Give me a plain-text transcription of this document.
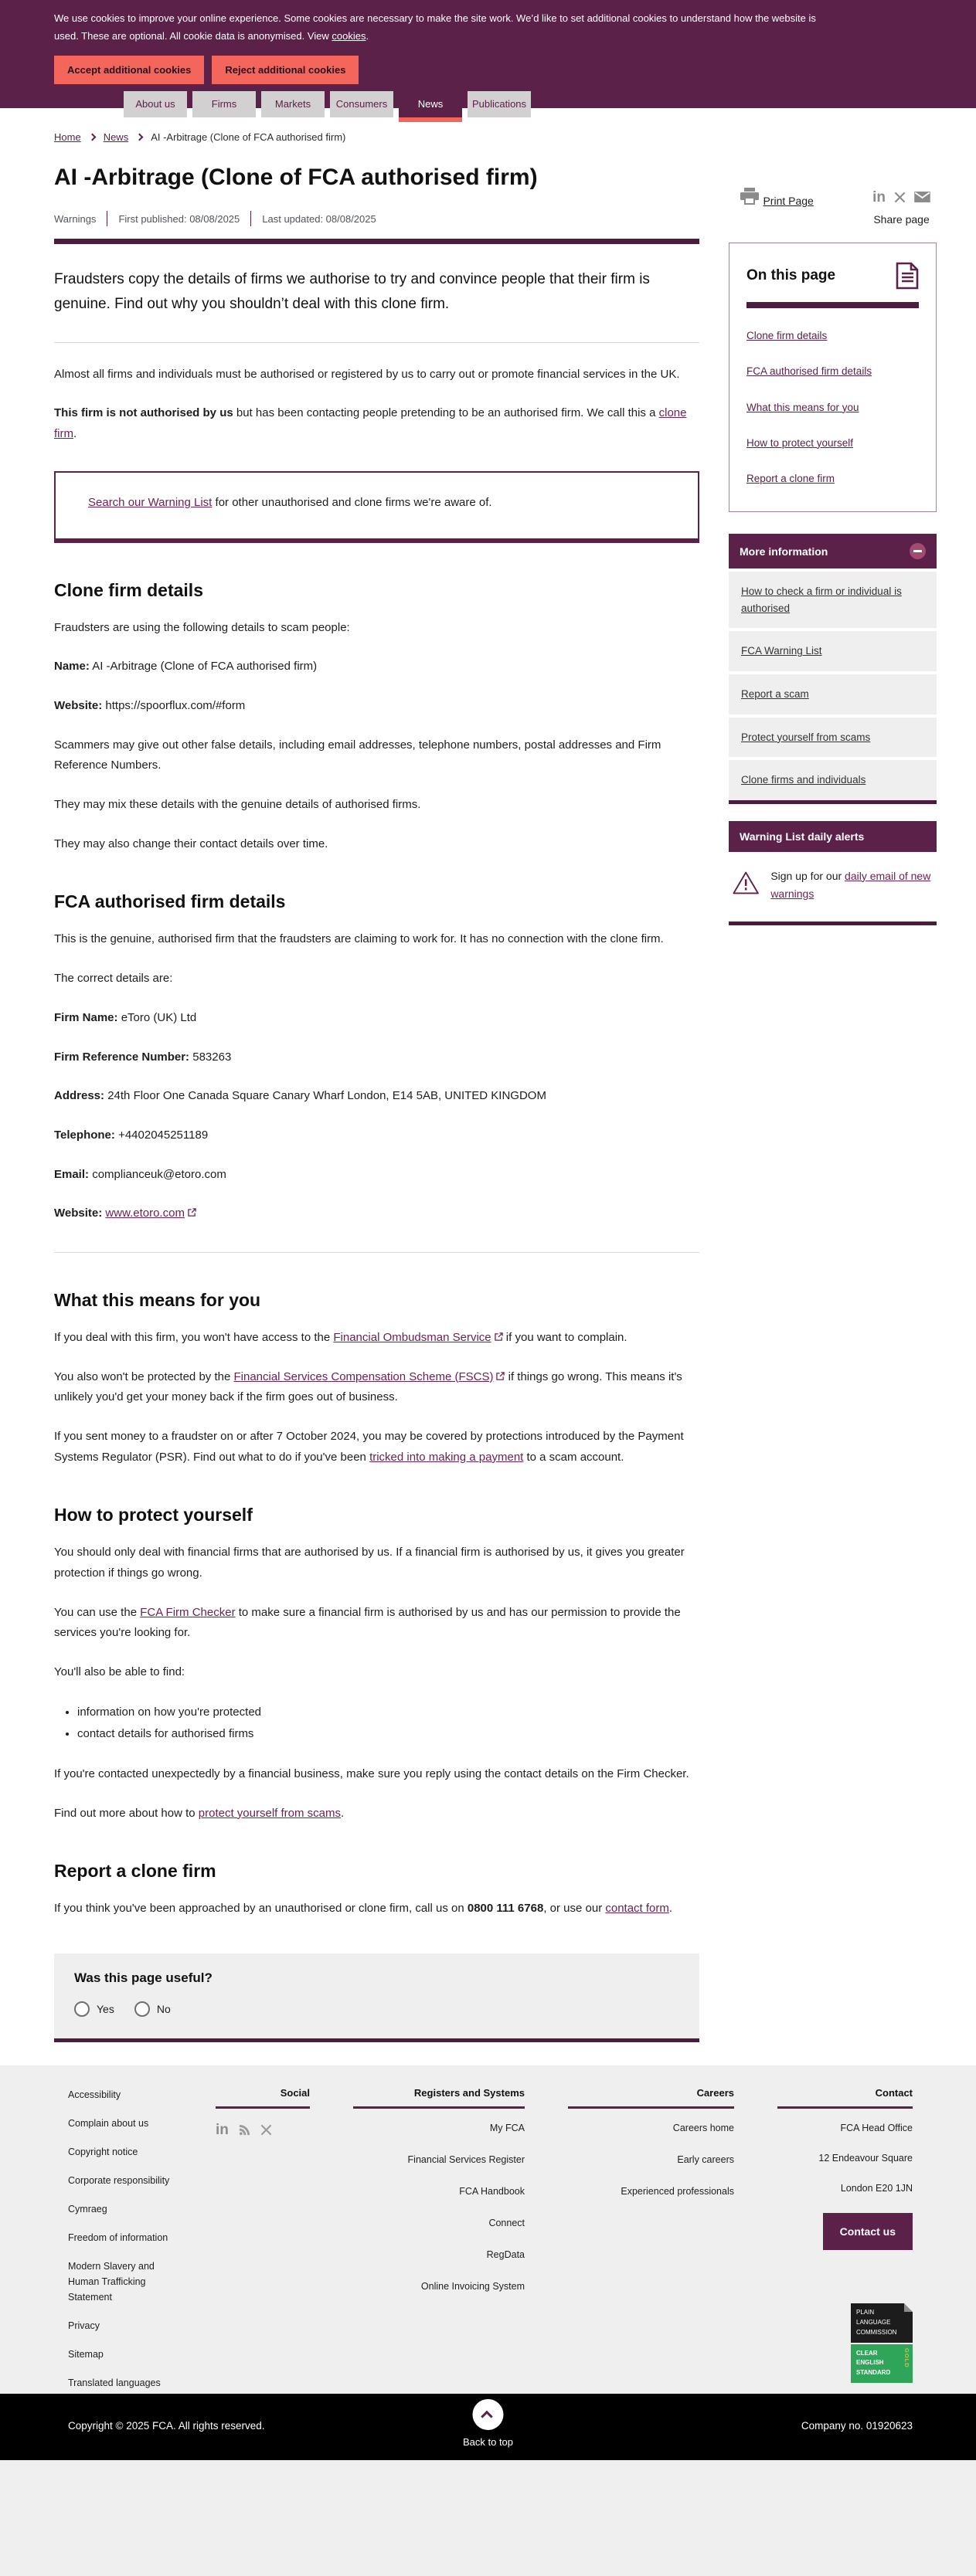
We use cookies to improve your online experience. Some cookies are necessary to make the site work. We’d like to set additional cookies to understand how the website is used. These are optional. All cookie data is anonymised. View cookies.

Accept additional cookies	Reject additional cookies
About us	Firms	Markets	Consumers	News	Publications
Home News AI -Arbitrage (Clone of FCA authorised firm)
AI -Arbitrage (Clone of FCA authorised firm)
Warnings First published: 08/08/2025 Last updated: 08/08/2025

Fraudsters copy the details of firms we authorise to try and convince people that their firm is genuine. Find out why you shouldn’t deal with this clone firm.

Almost all firms and individuals must be authorised or registered by us to carry out or promote financial services in the UK.

This firm is not authorised by us but has been contacting people pretending to be an authorised firm. We call this a clone firm.

Search our Warning List for other unauthorised and clone firms we're aware of.

Clone firm details

Fraudsters are using the following details to scam people:

Name: AI -Arbitrage (Clone of FCA authorised firm)

Website: https://spoorflux.com/#form

Scammers may give out other false details, including email addresses, telephone numbers, postal addresses and Firm Reference Numbers.

They may mix these details with the genuine details of authorised firms.

They may also change their contact details over time.

FCA authorised firm details

This is the genuine, authorised firm that the fraudsters are claiming to work for. It has no connection with the clone firm.

The correct details are:

Firm Name: eToro (UK) Ltd

Firm Reference Number: 583263

Address: 24th Floor One Canada Square Canary Wharf London, E14 5AB, UNITED KINGDOM

Telephone: +4402045251189

Email: complianceuk@etoro.com

Website: www.etoro.com

What this means for you

If you deal with this firm, you won't have access to the Financial Ombudsman Service if you want to complain.

You also won't be protected by the Financial Services Compensation Scheme (FSCS) if things go wrong. This means it's unlikely you'd get your money back if the firm goes out of business.

If you sent money to a fraudster on or after 7 October 2024, you may be covered by protections introduced by the Payment Systems Regulator (PSR). Find out what to do if you've been tricked into making a payment to a scam account.

How to protect yourself

You should only deal with financial firms that are authorised by us. If a financial firm is authorised by us, it gives you greater protection if things go wrong.

You can use the FCA Firm Checker to make sure a financial firm is authorised by us and has our permission to provide the services you're looking for.

You'll also be able to find:

• information on how you're protected
• contact details for authorised firms

If you're contacted unexpectedly by a financial business, make sure you reply using the contact details on the Firm Checker.

Find out more about how to protect yourself from scams.

Report a clone firm

If you think you've been approached by an unauthorised or clone firm, call us on 0800 111 6768, or use our contact form.

Was this page useful?
Yes	No
Print Page	in
Share page
On this page
Clone firm details
FCA authorised firm details
What this means for you
How to protect yourself
Report a clone firm
More information
How to check a firm or individual is authorised
FCA Warning List
Report a scam
Protect yourself from scams
Clone firms and individuals
Warning List daily alerts

Sign up for our daily email of new warnings

Accessibility
Complain about us
Copyright notice
Corporate responsibility
Cymraeg
Freedom of information
Modern Slavery and Human Trafficking Statement
Privacy
Sitemap
Translated languages
Social
in
Registers and Systems
My FCA
Financial Services Register
FCA Handbook
Connect
RegData
Online Invoicing System
Careers
Careers home
Early careers
Experienced professionals
Contact
FCA Head Office
12 Endeavour Square
London E20 1JN
Contact us
PLAIN LANGUAGE COMMISSION
CLEAR ENGLISH STANDARD
GOLD
Copyright © 2025 FCA. All rights reserved.
Back to top
Company no. 01920623
